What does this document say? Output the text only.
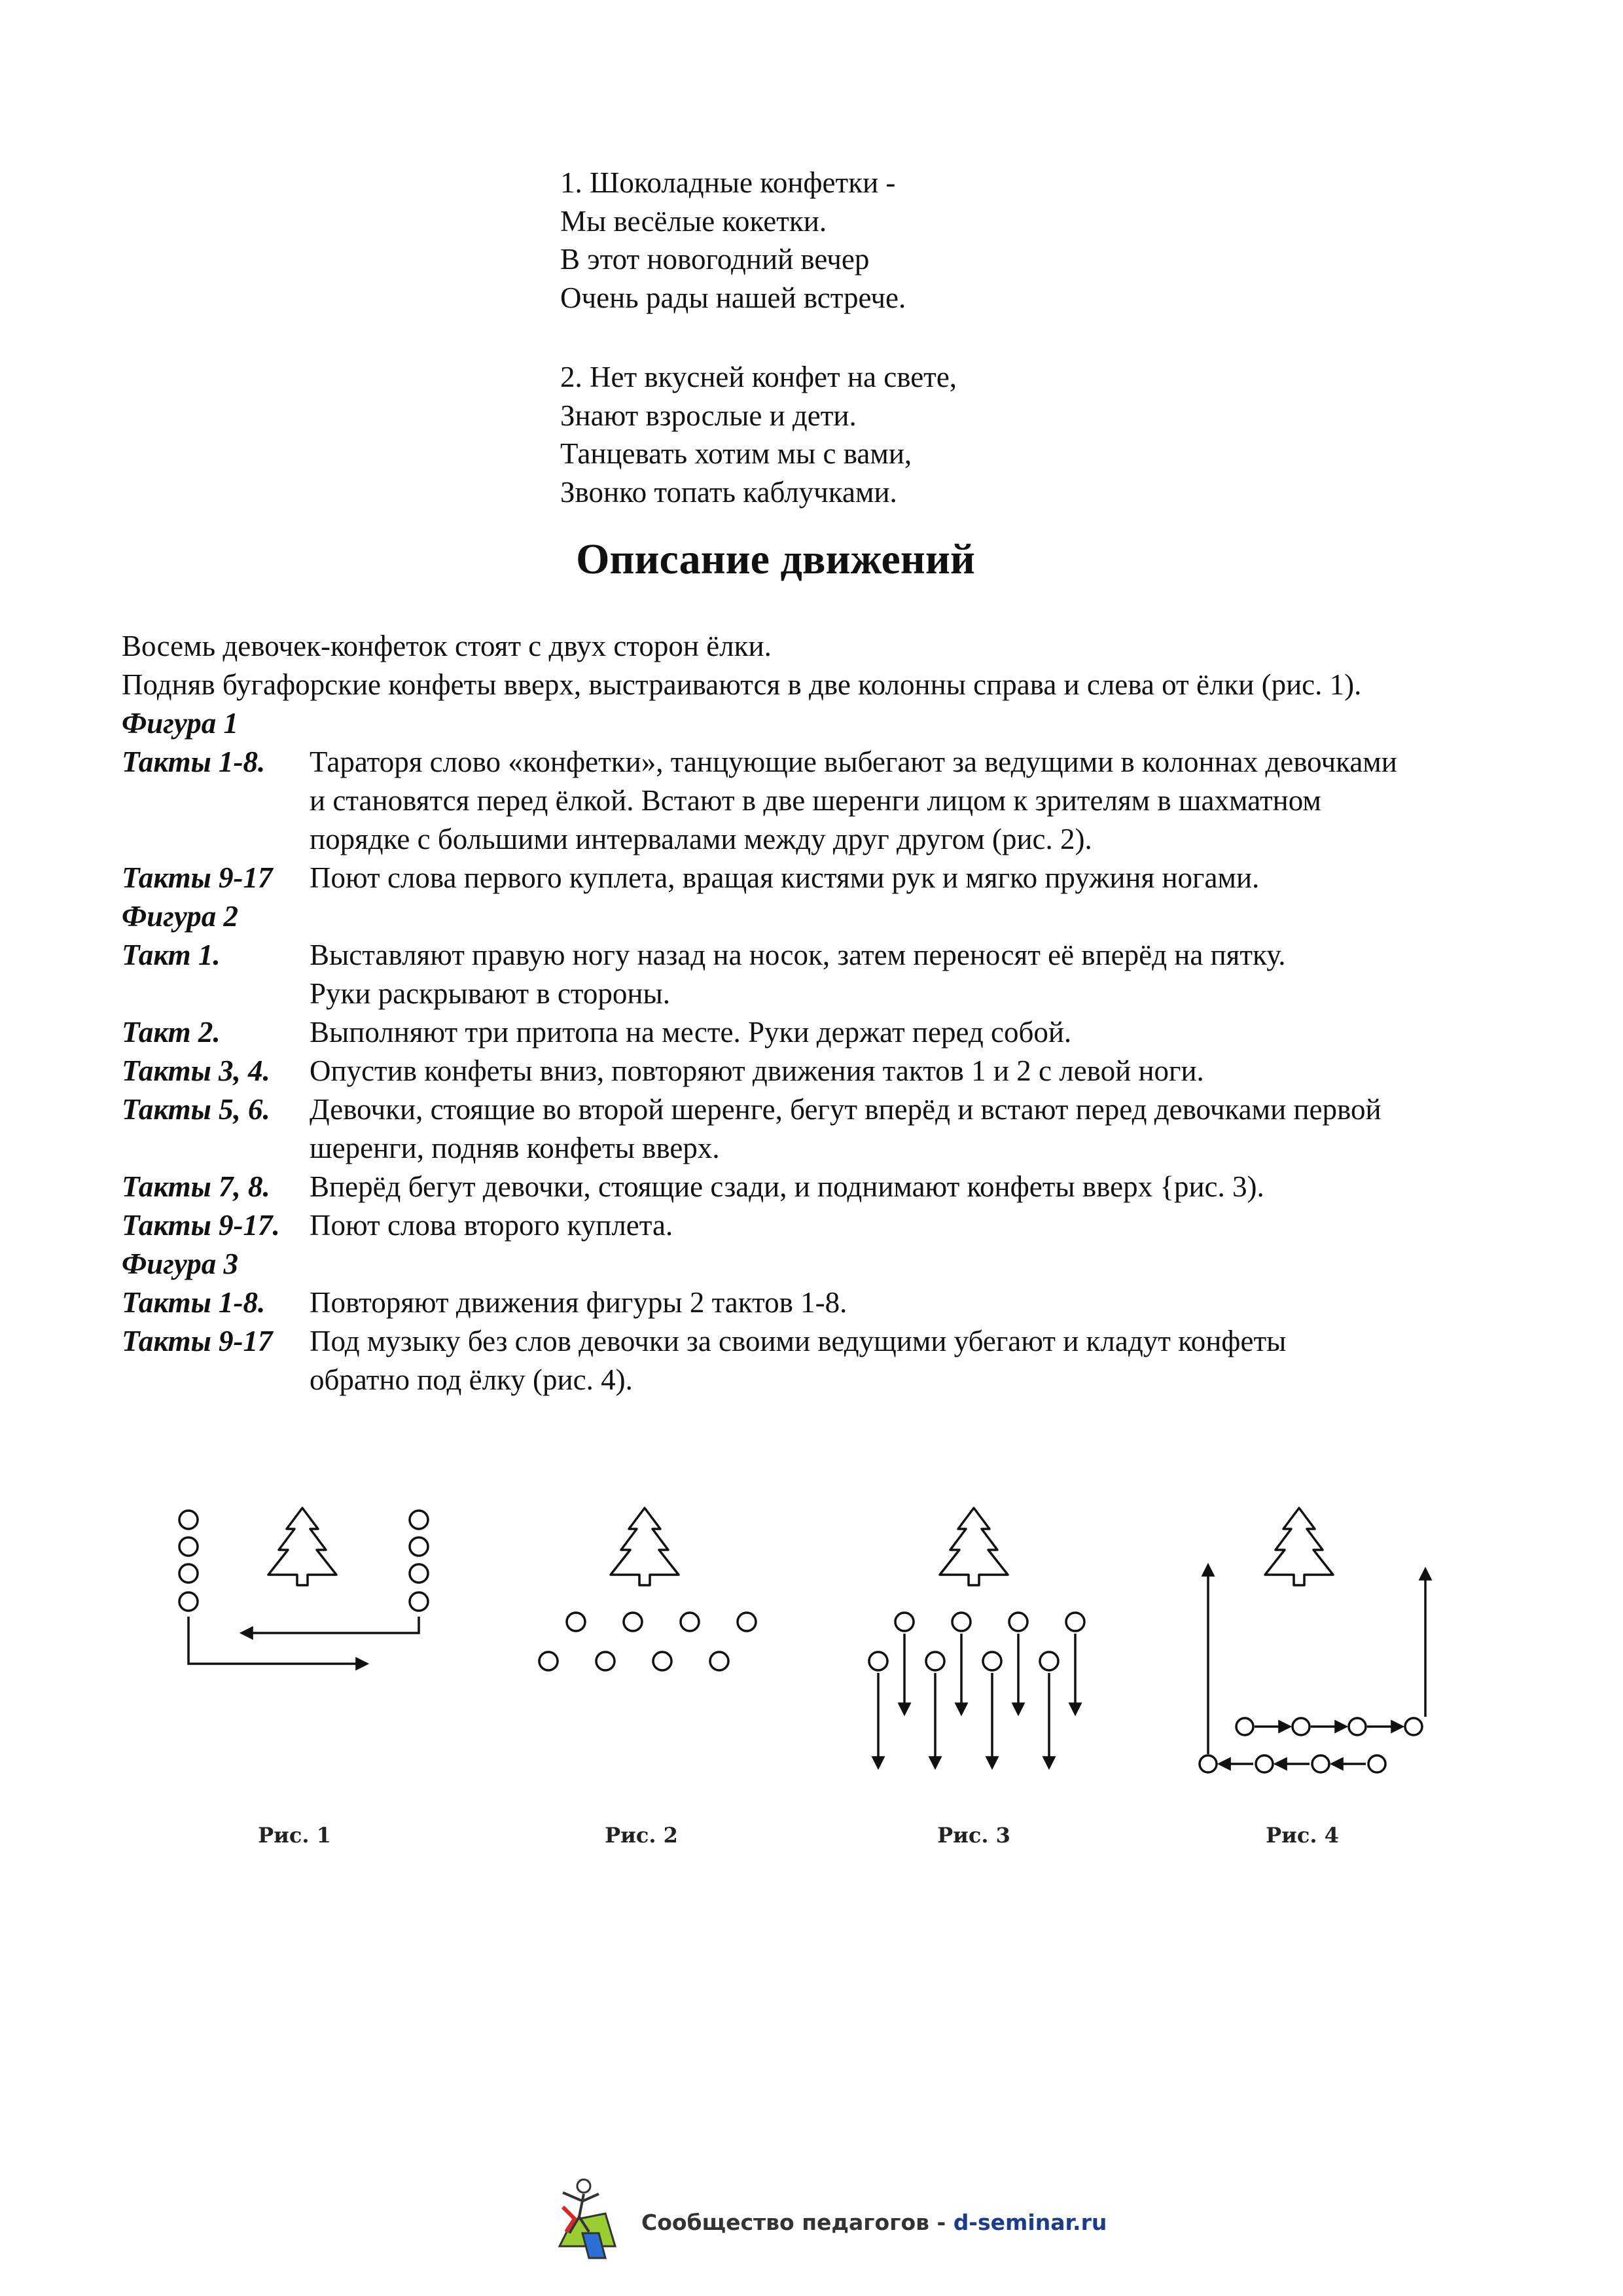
1. Шоколадные конфетки -
Мы весёлые кокетки.
В этот новогодний вечер
Очень рады нашей встрече.
2. Нет вкусней конфет на свете,
Знают взрослые и дети.
Танцевать хотим мы с вами,
Звонко топать каблучками.
Описание движений
Восемь девочек-конфеток стоят с двух сторон ёлки.
Подняв бугафорские конфеты вверх, выстраиваются в две колонны справа и слева от ёлки (рис. 1).
Фигура 1
Такты 1-8. Тараторя слово «конфетки», танцующие выбегают за ведущими в колоннах девочками
и становятся перед ёлкой. Встают в две шеренги лицом к зрителям в шахматном
порядке с большими интервалами между друг другом (рис. 2).
Такты 9-17 Поют слова первого куплета, вращая кистями рук и мягко пружиня ногами.
Фигура 2
Такт 1.	Выставляют правую ногу назад на носок, затем переносят её вперёд на пятку.
Руки раскрывают в стороны.
Такт 2.	Выполняют три притопа на месте. Руки держат перед собой.
Такты 3, 4. Опустив конфеты вниз, повторяют движения тактов 1 и 2 с левой ноги.
Такты 5, 6. Девочки, стоящие во второй шеренге, бегут вперёд и встают перед девочками первой
шеренги, подняв конфеты вверх.
Такты 7, 8. Вперёд бегут девочки, стоящие сзади, и поднимают конфеты вверх {рис. 3).
Такты 9-17. Поют слова второго куплета.
Фигура 3
Такты 1-8. Повторяют движения фигуры 2 тактов 1-8.
Такты 9-17 Под музыку без слов девочки за своими ведущими убегают и кладут конфеты
обратно под ёлку (рис. 4).
Рис. 1	Рис. 2	Рис. 3	Рис. 4
Сообщество педагогов - d-seminar.ru
